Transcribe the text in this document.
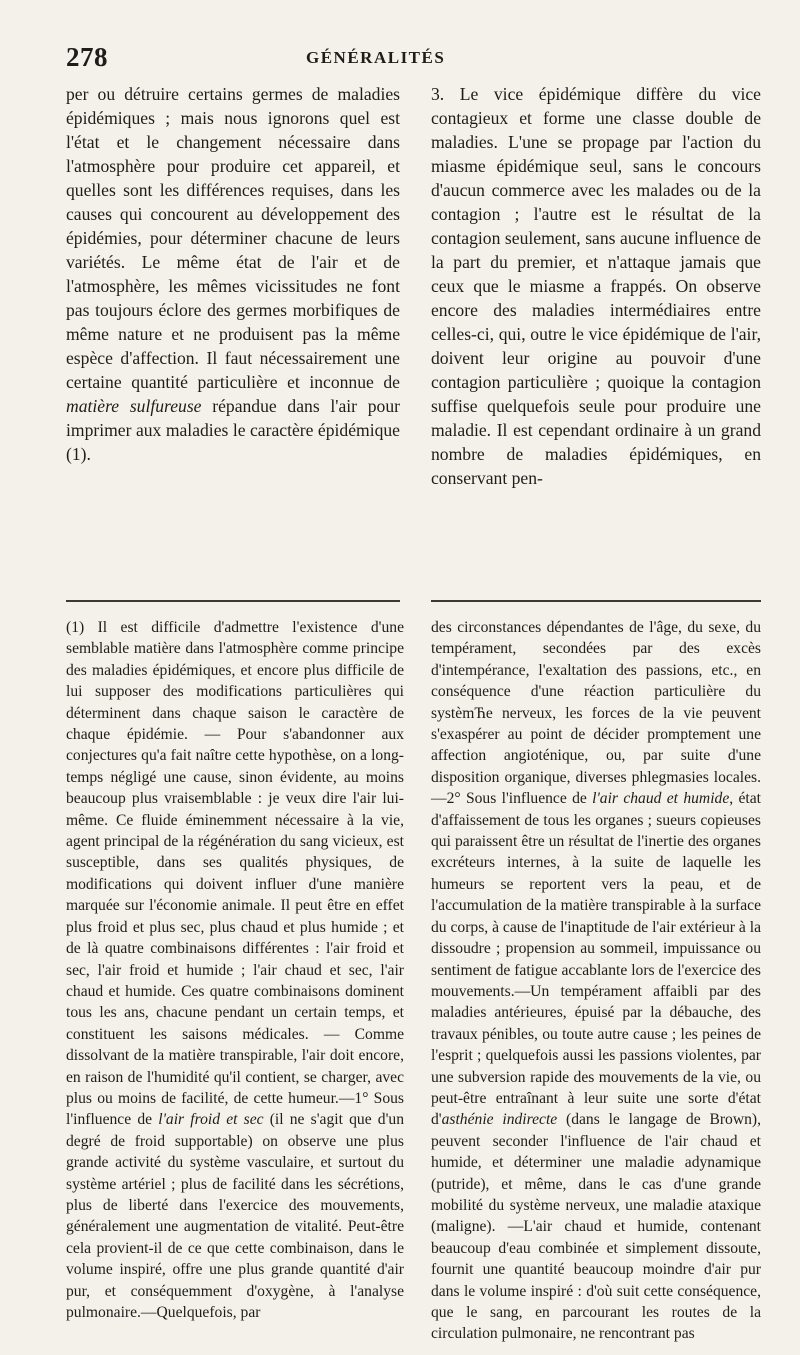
278	GÉNÉRALITÉS

per ou détruire certains germes de maladies épidémiques ; mais nous ignorons quel est l'état et le changement nécessaire dans l'atmosphère pour produire cet appareil, et quelles sont les différences requises, dans les causes qui concourent au développement des épidémies, pour déterminer chacune de leurs variétés. Le même état de l'air et de l'atmosphère, les mêmes vicissitudes ne font pas toujours éclore des germes morbifiques de même nature et ne produisent pas la même espèce d'affection. Il faut nécessairement une certaine quantité particulière et inconnue de matière sulfureuse répandue dans l'air pour imprimer aux maladies le caractère épidémique (1).

3. Le vice épidémique diffère du vice contagieux et forme une classe double de maladies. L'une se propage par l'action du miasme épidémique seul, sans le concours d'aucun commerce avec les malades ou de la contagion ; l'autre est le résultat de la contagion seulement, sans aucune influence de la part du premier, et n'attaque jamais que ceux que le miasme a frappés. On observe encore des maladies intermédiaires entre celles-ci, qui, outre le vice épidémique de l'air, doivent leur origine au pouvoir d'une contagion particulière ; quoique la contagion suffise quelquefois seule pour produire une maladie. Il est cependant ordinaire à un grand nombre de maladies épidémiques, en conservant pen-

(1) Il est difficile d'admettre l'existence d'une semblable matière dans l'atmosphère comme principe des maladies épidémiques, et encore plus difficile de lui supposer des modifications particulières qui déterminent dans chaque saison le caractère de chaque épidémie. — Pour s'abandonner aux conjectures qu'a fait naître cette hypothèse, on a long-temps négligé une cause, sinon évidente, au moins beaucoup plus vraisemblable : je veux dire l'air lui-même. Ce fluide éminemment nécessaire à la vie, agent principal de la régénération du sang vicieux, est susceptible, dans ses qualités physiques, de modifications qui doivent influer d'une manière marquée sur l'économie animale. Il peut être en effet plus froid et plus sec, plus chaud et plus humide ; et de là quatre combinaisons différentes : l'air froid et sec, l'air froid et humide ; l'air chaud et sec, l'air chaud et humide. Ces quatre combinaisons dominent tous les ans, chacune pendant un certain temps, et constituent les saisons médicales. — Comme dissolvant de la matière transpirable, l'air doit encore, en raison de l'humidité qu'il contient, se charger, avec plus ou moins de facilité, de cette humeur.—1° Sous l'influence de l'air froid et sec (il ne s'agit que d'un degré de froid supportable) on observe une plus grande activité du système vasculaire, et surtout du système artériel ; plus de facilité dans les sécrétions, plus de liberté dans l'exercice des mouvements, généralement une augmentation de vitalité. Peut-être cela provient-il de ce que cette combinaison, dans le volume inspiré, offre une plus grande quantité d'air pur, et conséquemment d'oxygène, à l'analyse pulmonaire.—Quelquefois, par

des circonstances dépendantes de l'âge, du sexe, du tempérament, secondées par des excès d'intempérance, l'exaltation des passions, etc., en conséquence d'une réaction particulière du systèmЋe nerveux, les forces de la vie peuvent s'exaspérer au point de décider promptement une affection angioténique, ou, par suite d'une disposition organique, diverses phlegmasies locales.—2° Sous l'influence de l'air chaud et humide, état d'affaissement de tous les organes ; sueurs copieuses qui paraissent être un résultat de l'inertie des organes excréteurs internes, à la suite de laquelle les humeurs se reportent vers la peau, et de l'accumulation de la matière transpirable à la surface du corps, à cause de l'inaptitude de l'air extérieur à la dissoudre ; propension au sommeil, impuissance ou sentiment de fatigue accablante lors de l'exercice des mouvements.—Un tempérament affaibli par des maladies antérieures, épuisé par la débauche, des travaux pénibles, ou toute autre cause ; les peines de l'esprit ; quelquefois aussi les passions violentes, par une subversion rapide des mouvements de la vie, ou peut-être entraînant à leur suite une sorte d'état d'asthénie indirecte (dans le langage de Brown), peuvent seconder l'influence de l'air chaud et humide, et déterminer une maladie adynamique (putride), et même, dans le cas d'une grande mobilité du système nerveux, une maladie ataxique (maligne). —L'air chaud et humide, contenant beaucoup d'eau combinée et simplement dissoute, fournit une quantité beaucoup moindre d'air pur dans le volume inspiré : d'où suit cette conséquence, que le sang, en parcourant les routes de la circulation pulmonaire, ne rencontrant pas
